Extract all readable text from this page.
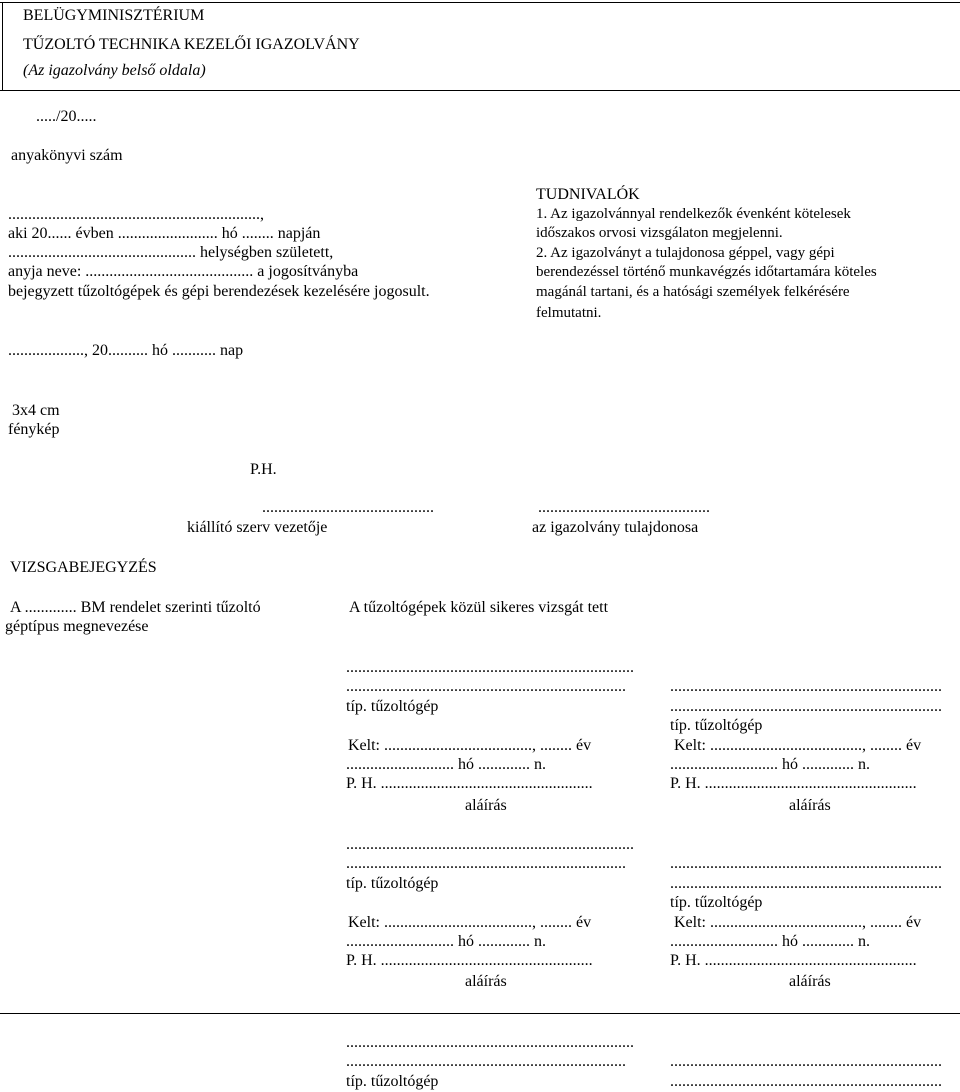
BELÜGYMINISZTÉRIUM
TŰZOLTÓ TECHNIKA KEZELŐI IGAZOLVÁNY
(Az igazolvány belső oldala)
...../20.....
anyakönyvi szám
...............................................................,
aki 20...... évben ......................... hó ........ napján
............................................... helységben született,
anyja neve: .......................................... a jogosítványba
bejegyzett tűzoltógépek és gépi berendezések kezelésére jogosult.
..................., 20.......... hó ........... nap
3x4 cm
fénykép
P.H.
...........................................
kiállító szerv vezetője
...........................................
az igazolvány tulajdonosa
TUDNIVALÓK
1. Az igazolvánnyal rendelkezők évenként kötelesek
időszakos orvosi vizsgálaton megjelenni.
2. Az igazolványt a tulajdonosa géppel, vagy gépi
berendezéssel történő munkavégzés időtartamára köteles
magánál tartani, és a hatósági személyek felkérésére
felmutatni.
VIZSGABEJEGYZÉS
A ............. BM rendelet szerinti tűzoltó
géptípus megnevezése
A tűzoltógépek közül sikeres vizsgát tett
........................................................................
......................................................................
típ. tűzoltógép
Kelt: ....................................., ........ év
........................... hó ............. n.
P. H. .....................................................
aláírás
....................................................................
....................................................................
típ. tűzoltógép
Kelt: ......................................, ........ év
........................... hó ............. n.
P. H. .....................................................
aláírás
........................................................................
......................................................................
típ. tűzoltógép
Kelt: ....................................., ........ év
........................... hó ............. n.
P. H. .....................................................
aláírás
....................................................................
....................................................................
típ. tűzoltógép
Kelt: ......................................, ........ év
........................... hó ............. n.
P. H. .....................................................
aláírás
........................................................................
......................................................................
típ. tűzoltógép
....................................................................
....................................................................
